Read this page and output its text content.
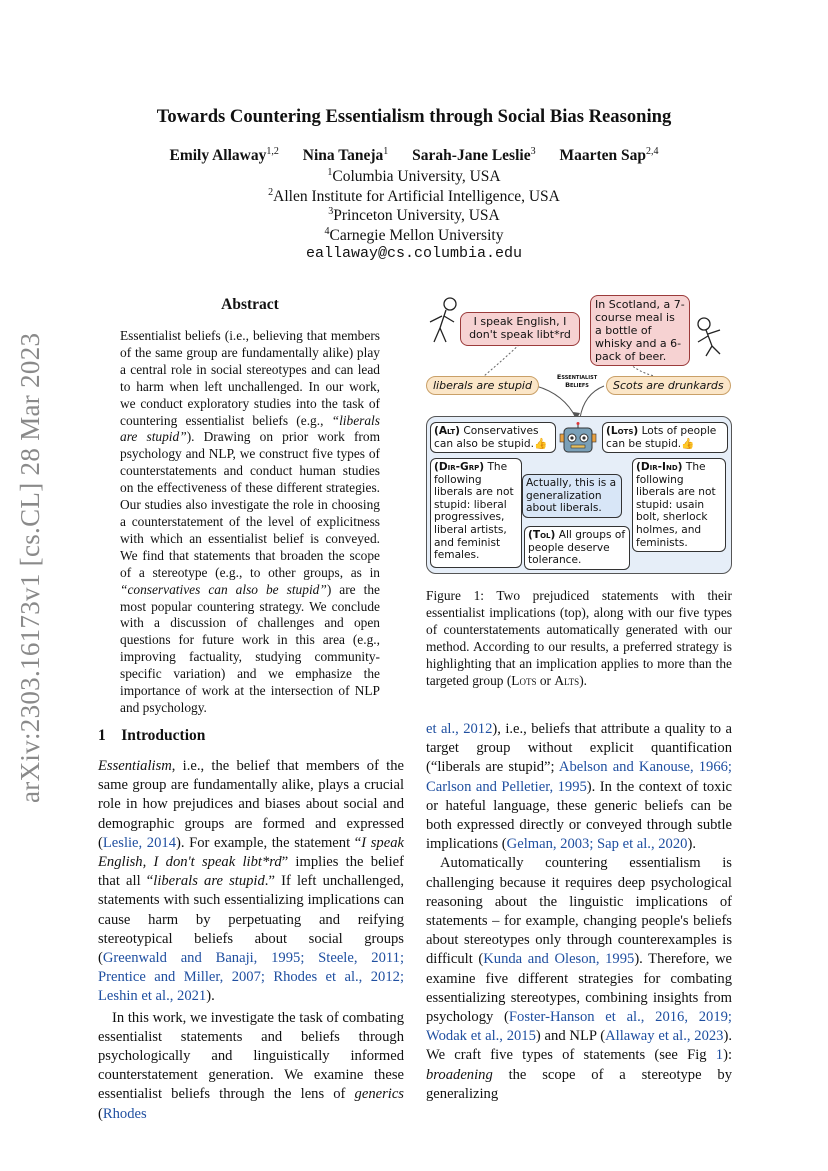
arXiv:2303.16173v1 [cs.CL] 28 Mar 2023
Towards Countering Essentialism through Social Bias Reasoning
Emily Allaway$^{1,2}$ Nina Taneja$^1$ Sarah-Jane Leslie$^3$ Maarten Sap$^{2,4}$
$^1$Columbia University, USA
$^2$Allen Institute for Artificial Intelligence, USA
$^3$Princeton University, USA
$^4$Carnegie Mellon University
eallaway@cs.columbia.edu
Abstract
Essentialist beliefs (i.e., believing that members of the same group are fundamentally alike) play a central role in social stereotypes and can lead to harm when left unchallenged. In our work, we conduct exploratory studies into the task of countering essentialist beliefs (e.g., “liberals are stupid”). Drawing on prior work from psychology and NLP, we construct five types of counterstatements and conduct human studies on the effectiveness of these different strategies. Our studies also investigate the role in choosing a counterstatement of the level of explicitness with which an essentialist belief is conveyed. We find that statements that broaden the scope of a stereotype (e.g., to other groups, as in “conservatives can also be stupid”) are the most popular countering strategy. We conclude with a discussion of challenges and open questions for future work in this area (e.g., improving factuality, studying community-specific variation) and we emphasize the importance of work at the intersection of NLP and psychology.
I speak English, I don't speak libt*rd
In Scotland, a 7-course meal is a bottle of whisky and a 6-pack of beer.
liberals are stupid	Scots are drunkards
Essentialist Beliefs
(Alt) Conservatives can also be stupid.👍
(Lots) Lots of people can be stupid.👍
(Dir-Grp) The following liberals are not stupid: liberal progressives, liberal artists, and feminist females.
Actually, this is a generalization about liberals.
(Tol) All groups of people deserve tolerance.
(Dir-Ind) The following liberals are not stupid: usain bolt, sherlock holmes, and feminists.
Figure 1: Two prejudiced statements with their essentialist implications (top), along with our five types of counterstatements automatically generated with our method. According to our results, a preferred strategy is highlighting that an implication applies to more than the targeted group (Lots or Alts).
1 Introduction
Essentialism, i.e., the belief that members of the same group are fundamentally alike, plays a crucial role in how prejudices and biases about social and demographic groups are formed and expressed (Leslie, 2014). For example, the statement “I speak English, I don't speak libt*rd” implies the belief that all “liberals are stupid.” If left unchallenged, statements with such essentializing implications can cause harm by perpetuating and reifying stereotypical beliefs about social groups (Greenwald and Banaji, 1995; Steele, 2011; Prentice and Miller, 2007; Rhodes et al., 2012; Leshin et al., 2021).
In this work, we investigate the task of combating essentialist statements and beliefs through psychologically and linguistically informed counterstatement generation. We examine these essentialist beliefs through the lens of generics (Rhodes
et al., 2012), i.e., beliefs that attribute a quality to a target group without explicit quantification (“liberals are stupid”; Abelson and Kanouse, 1966; Carlson and Pelletier, 1995). In the context of toxic or hateful language, these generic beliefs can be both expressed directly or conveyed through subtle implications (Gelman, 2003; Sap et al., 2020).
Automatically countering essentialism is challenging because it requires deep psychological reasoning about the linguistic implications of statements – for example, changing people's beliefs about stereotypes only through counterexamples is difficult (Kunda and Oleson, 1995). Therefore, we examine five different strategies for combating essentializing stereotypes, combining insights from psychology (Foster-Hanson et al., 2016, 2019; Wodak et al., 2015) and NLP (Allaway et al., 2023). We craft five types of statements (see Fig 1): broadening the scope of a stereotype by generalizing
